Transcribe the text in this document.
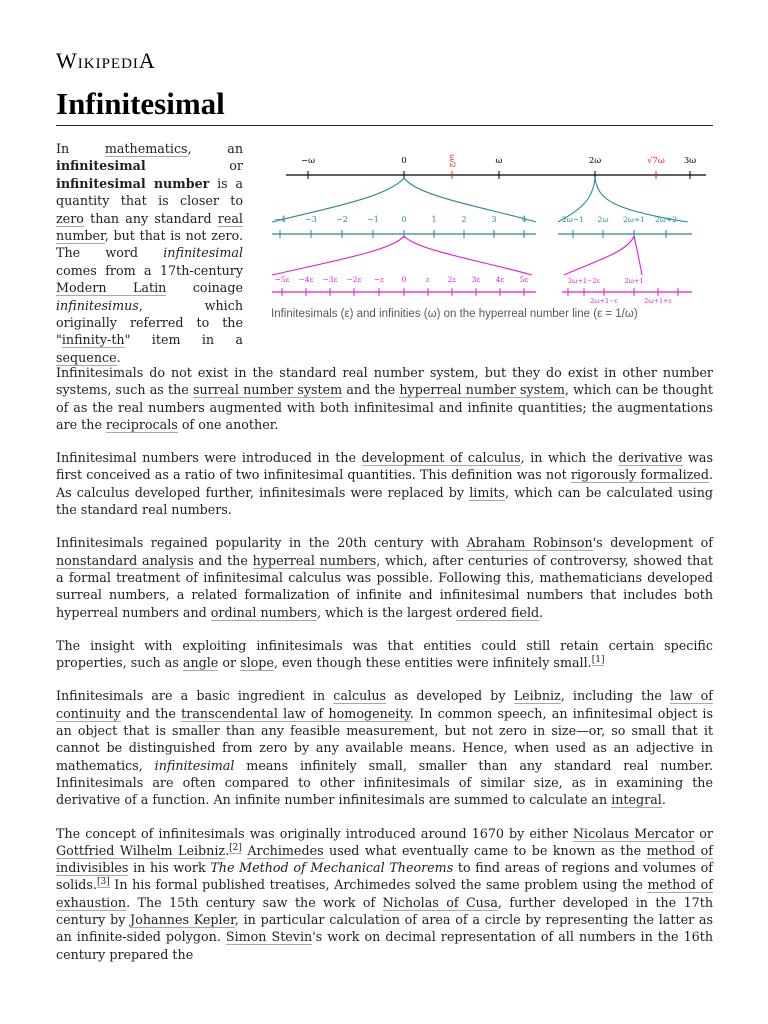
WikipediA
Infinitesimal

In mathematics, an infinitesimal or infinitesimal number is a quantity that is closer to zero than any standard real number, but that is not zero. The word infinitesimal comes from a 17th-century Modern Latin coinage infinitesimus, which originally referred to the "infinity-th" item in a sequence.

−ω	0	ω/2	ω	2ω	√7ω 3ω
−4 −3 −2 −1	0	1	2	3	4	2ω−1 2ω 2ω+1 2ω+2
−5ε −4ε −3ε −2ε −ε 0	ε 2ε 3ε 4ε 5ε	2ω+1−2ε	2ω+1
2ω+1−ε	2ω+1+ε
Infinitesimals (ε) and infinities (ω) on the hyperreal number line (ε = 1/ω)

Infinitesimals do not exist in the standard real number system, but they do exist in other number systems, such as the surreal number system and the hyperreal number system, which can be thought of as the real numbers augmented with both infinitesimal and infinite quantities; the augmentations are the reciprocals of one another.

Infinitesimal numbers were introduced in the development of calculus, in which the derivative was first conceived as a ratio of two infinitesimal quantities. This definition was not rigorously formalized. As calculus developed further, infinitesimals were replaced by limits, which can be calculated using the standard real numbers.

Infinitesimals regained popularity in the 20th century with Abraham Robinson's development of nonstandard analysis and the hyperreal numbers, which, after centuries of controversy, showed that a formal treatment of infinitesimal calculus was possible. Following this, mathematicians developed surreal numbers, a related formalization of infinite and infinitesimal numbers that includes both hyperreal numbers and ordinal numbers, which is the largest ordered field.

The insight with exploiting infinitesimals was that entities could still retain certain specific properties, such as angle or slope, even though these entities were infinitely small.[1]

Infinitesimals are a basic ingredient in calculus as developed by Leibniz, including the law of continuity and the transcendental law of homogeneity. In common speech, an infinitesimal object is an object that is smaller than any feasible measurement, but not zero in size—or, so small that it cannot be distinguished from zero by any available means. Hence, when used as an adjective in mathematics, infinitesimal means infinitely small, smaller than any standard real number. Infinitesimals are often compared to other infinitesimals of similar size, as in examining the derivative of a function. An infinite number infinitesimals are summed to calculate an integral.

The concept of infinitesimals was originally introduced around 1670 by either Nicolaus Mercator or Gottfried Wilhelm Leibniz.[2] Archimedes used what eventually came to be known as the method of indivisibles in his work The Method of Mechanical Theorems to find areas of regions and volumes of solids.[3] In his formal published treatises, Archimedes solved the same problem using the method of exhaustion. The 15th century saw the work of Nicholas of Cusa, further developed in the 17th century by Johannes Kepler, in particular calculation of area of a circle by representing the latter as an infinite-sided polygon. Simon Stevin's work on decimal representation of all numbers in the 16th century prepared the
